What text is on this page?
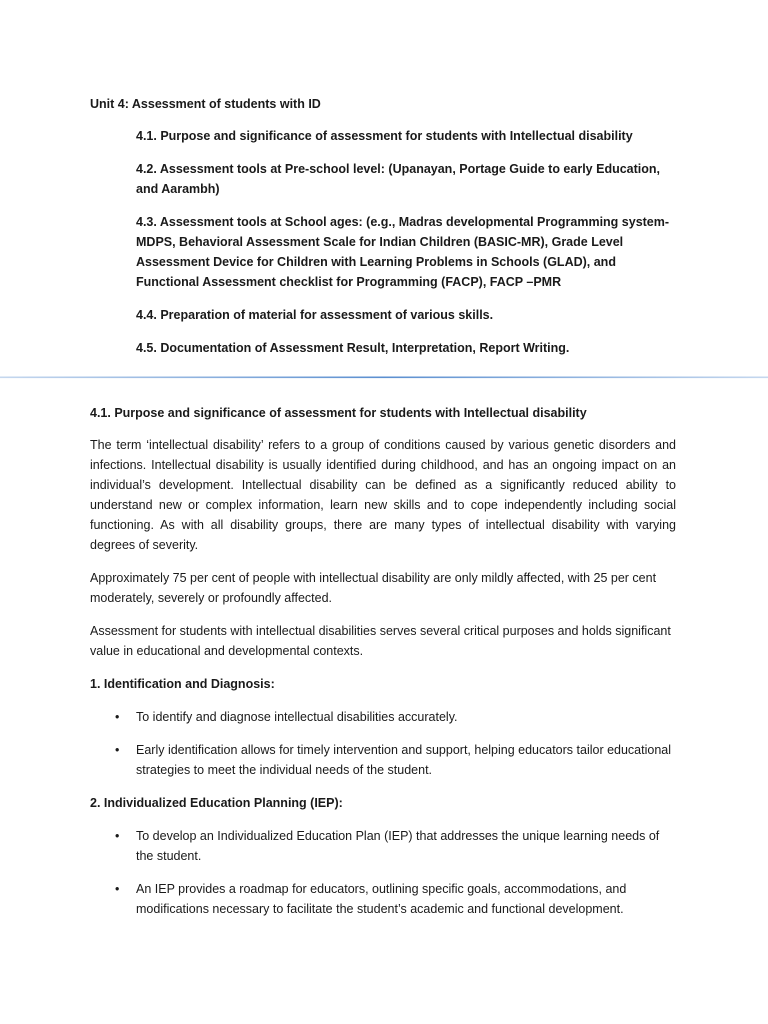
Unit 4: Assessment of students with ID

4.1. Purpose and significance of assessment for students with Intellectual disability
4.2. Assessment tools at Pre-school level: (Upanayan, Portage Guide to early Education, and Aarambh)
4.3. Assessment tools at School ages: (e.g., Madras developmental Programming system-MDPS, Behavioral Assessment Scale for Indian Children (BASIC-MR), Grade Level Assessment Device for Children with Learning Problems in Schools (GLAD), and Functional Assessment checklist for Programming (FACP), FACP –PMR
4.4. Preparation of material for assessment of various skills.
4.5. Documentation of Assessment Result, Interpretation, Report Writing.
4.1. Purpose and significance of assessment for students with Intellectual disability

The term ‘intellectual disability’ refers to a group of conditions caused by various genetic disorders and infections. Intellectual disability is usually identified during childhood, and has an ongoing impact on an individual’s development. Intellectual disability can be defined as a significantly reduced ability to understand new or complex information, learn new skills and to cope independently including social functioning. As with all disability groups, there are many types of intellectual disability with varying degrees of severity.

Approximately 75 per cent of people with intellectual disability are only mildly affected, with 25 per cent moderately, severely or profoundly affected.

Assessment for students with intellectual disabilities serves several critical purposes and holds significant value in educational and developmental contexts.

1. Identification and Diagnosis:
• To identify and diagnose intellectual disabilities accurately.
• Early identification allows for timely intervention and support, helping educators tailor educational strategies to meet the individual needs of the student.
2. Individualized Education Planning (IEP):
• To develop an Individualized Education Plan (IEP) that addresses the unique learning needs of the student.
• An IEP provides a roadmap for educators, outlining specific goals, accommodations, and modifications necessary to facilitate the student’s academic and functional development.
